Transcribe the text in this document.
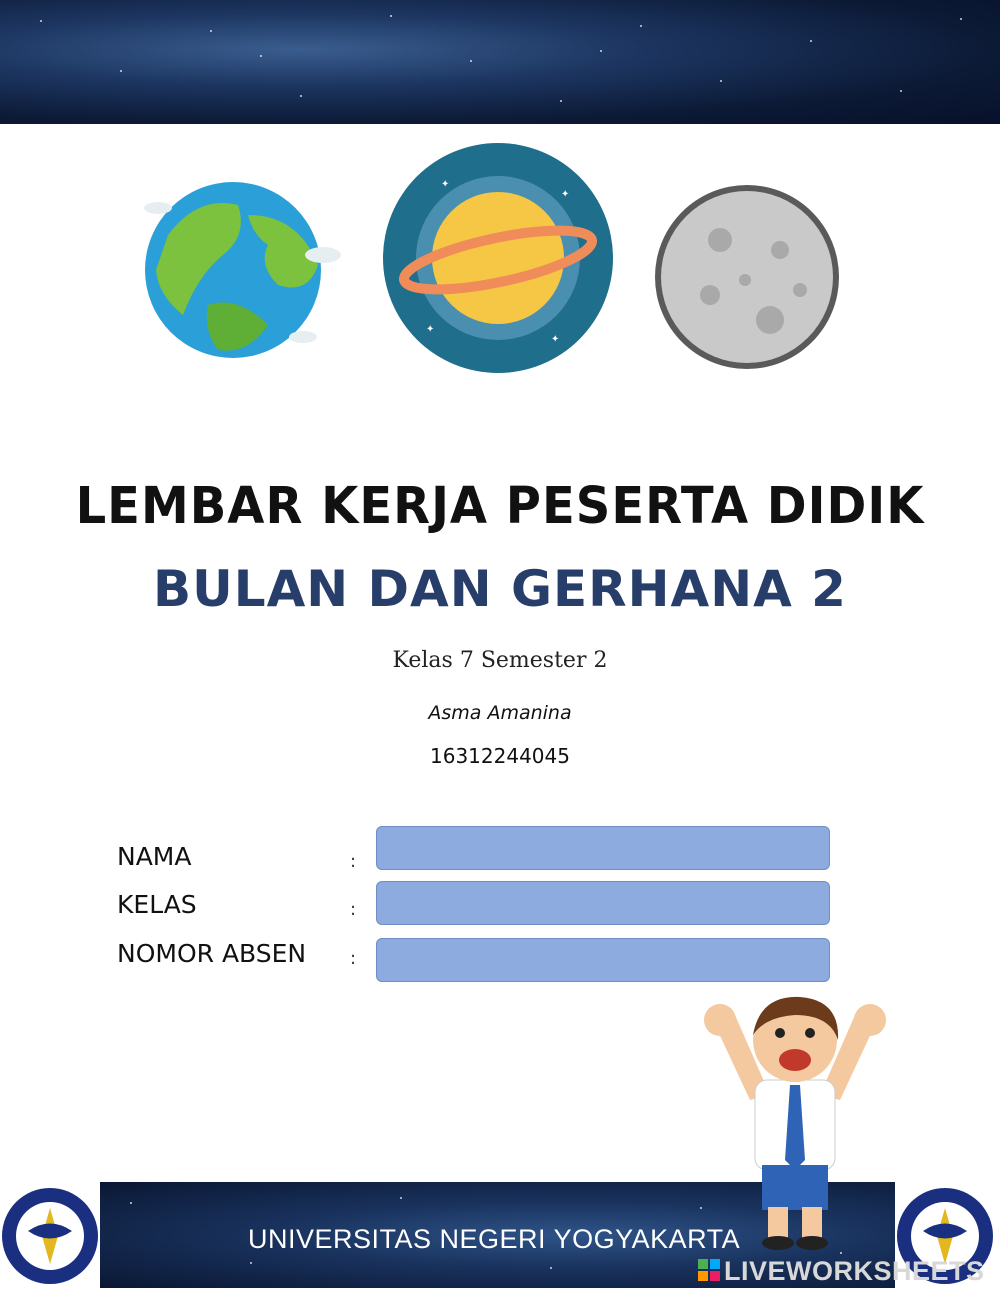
✦
✦
✦
✦
LEMBAR KERJA PESERTA DIDIK
BULAN DAN GERHANA 2
Kelas 7 Semester 2
Asma Amanina
16312244045
NAMA	:
KELAS	:
NOMOR ABSEN :
UNIVERSITAS NEGERI YOGYAKARTA
LIVEWORKSHEETS
